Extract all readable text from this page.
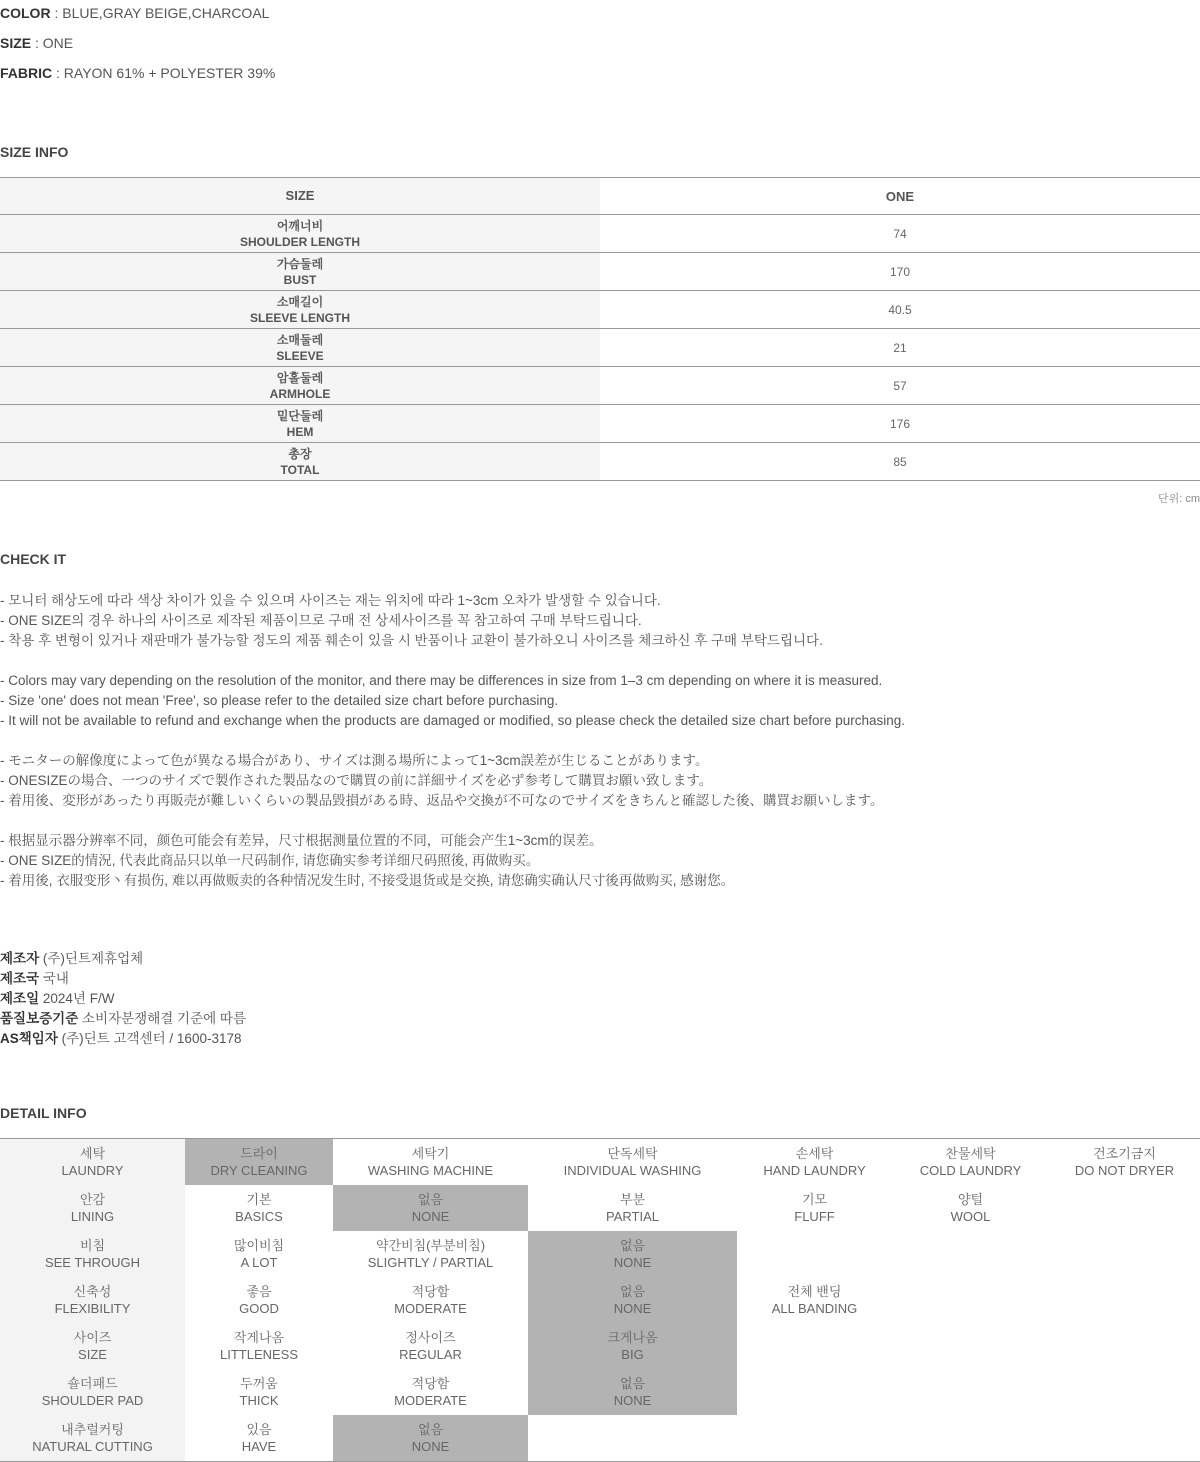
COLOR : BLUE,GRAY BEIGE,CHARCOAL
SIZE : ONE
FABRIC : RAYON 61% + POLYESTER 39%
SIZE INFO
SIZE	ONE

어깨너비
SHOULDER LENGTH	74

가슴둘레
BUST	170

소매길이
SLEEVE LENGTH	40.5

소매둘레
SLEEVE	21

암홀둘레
ARMHOLE	57

밑단둘레
HEM	176

총장
TOTAL	85
단위: cm
CHECK IT
- 모니터 해상도에 따라 색상 차이가 있을 수 있으며 사이즈는 재는 위치에 따라 1~3cm 오차가 발생할 수 있습니다.
- ONE SIZE의 경우 하나의 사이즈로 제작된 제품이므로 구매 전 상세사이즈를 꼭 참고하여 구매 부탁드립니다.
- 착용 후 변형이 있거나 재판매가 불가능할 정도의 제품 훼손이 있을 시 반품이나 교환이 불가하오니 사이즈를 체크하신 후 구매 부탁드립니다.
- Colors may vary depending on the resolution of the monitor, and there may be differences in size from 1–3 cm depending on where it is measured.
- Size 'one' does not mean 'Free', so please refer to the detailed size chart before purchasing.
- It will not be available to refund and exchange when the products are damaged or modified, so please check the detailed size chart before purchasing.
- モニターの解像度によって色が異なる場合があり、サイズは測る場所によって1~3cm誤差が生じることがあります。
- ONESIZEの場合、一つのサイズで製作された製品なので購買の前に詳細サイズを必ず参考して購買お願い致します。
- 着用後、変形があったり再販売が難しいくらいの製品毀損がある時、返品や交換が不可なのでサイズをきちんと確認した後、購買お願いします。
- 根据显示器分辨率不同，颜色可能会有差异，尺寸根据测量位置的不同，可能会产生1~3cm的误差。
- ONE SIZE的情況, 代表此商品只以单一尺码制作, 请您确实参考详细尺码照後, 再做购买。
- 着用後, 衣服变形丶有损伤, 难以再做贩卖的各种情况发生时, 不接受退货或是交换, 请您确实确认尺寸後再做购买, 感谢您。
제조자 (주)딘트제휴업체
제조국 국내
제조일 2024년 F/W
품질보증기준 소비자분쟁해결 기준에 따름
AS책임자 (주)딘트 고객센터 / 1600-3178
DETAIL INFO
세탁
LAUNDRY	드라이
DRY CLEANING	세탁기
WASHING MACHINE	단독세탁
INDIVIDUAL WASHING	손세탁
HAND LAUNDRY	찬물세탁
COLD LAUNDRY	건조기금지
DO NOT DRYER

안감
LINING	기본
BASICS	없음
NONE	부분
PARTIAL	기모
FLUFF	양털
WOOL	

비침
SEE THROUGH	많이비침
A LOT	약간비침(부분비침)
SLIGHTLY / PARTIAL	없음
NONE			

신축성
FLEXIBILITY	좋음
GOOD	적당함
MODERATE	없음
NONE	전체 밴딩
ALL BANDING		

사이즈
SIZE	작게나옴
LITTLENESS	정사이즈
REGULAR	크게나옴
BIG			

숄더패드
SHOULDER PAD	두꺼움
THICK	적당함
MODERATE	없음
NONE			

내추럴커팅
NATURAL CUTTING	있음
HAVE	없음
NONE				
